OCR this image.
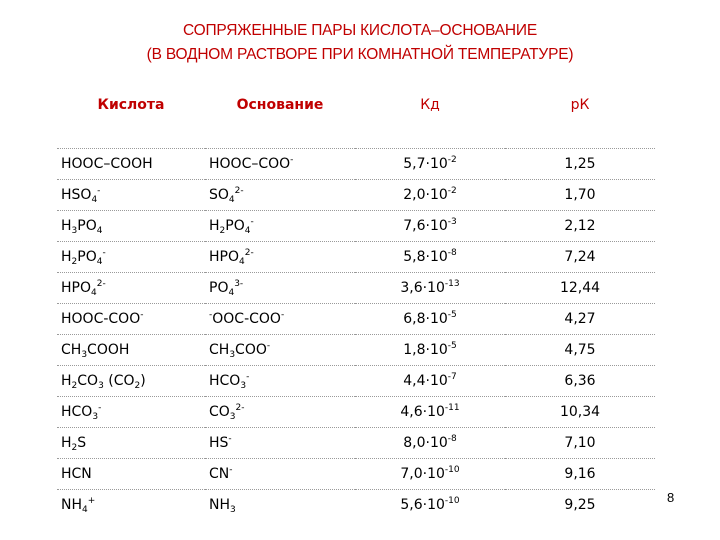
СОПРЯЖЕННЫЕ ПАРЫ КИСЛОТА–ОСНОВАНИЕ
(В ВОДНОМ РАСТВОРЕ ПРИ КОМНАТНОЙ ТЕМПЕРАТУРЕ)
Кислота	Основание	Кд	рК
HOOC–COOH	HOOC–COO-	$5,7\cdot 10^{-2}$	1,25
$HSO_4^-$	$SO_4^{2-}$	$2,0\cdot 10^{-2}$	1,70
$H_3PO_4$	$H_2PO_4^-$	$7,6\cdot 10^{-3}$	2,12
$H_2PO_4^-$	$HPO_4^{2-}$	$5,8\cdot 10^{-8}$	7,24
$HPO_4^{2-}$	$PO_4^{3-}$	$3,6\cdot 10^{-13}$	12,44
HOOC-COO-	-OOC-COO-	$6,8\cdot 10^{-5}$	4,27
$CH_3COOH$	$CH_3COO^-$	$1,8\cdot 10^{-5}$	4,75
$H_2CO_3$ $(CO_2)$	$HCO_3^-$	$4,4\cdot 10^{-7}$	6,36
$HCO_3^-$	$CO_3^{2-}$	$4,6\cdot 10^{-11}$	10,34
$H_2S$	HS-	$8,0\cdot 10^{-8}$	7,10
HCN	CN-	$7,0\cdot 10^{-10}$	9,16
$NH_4^+$	$NH_3$	$5,6\cdot 10^{-10}$	9,25	8
